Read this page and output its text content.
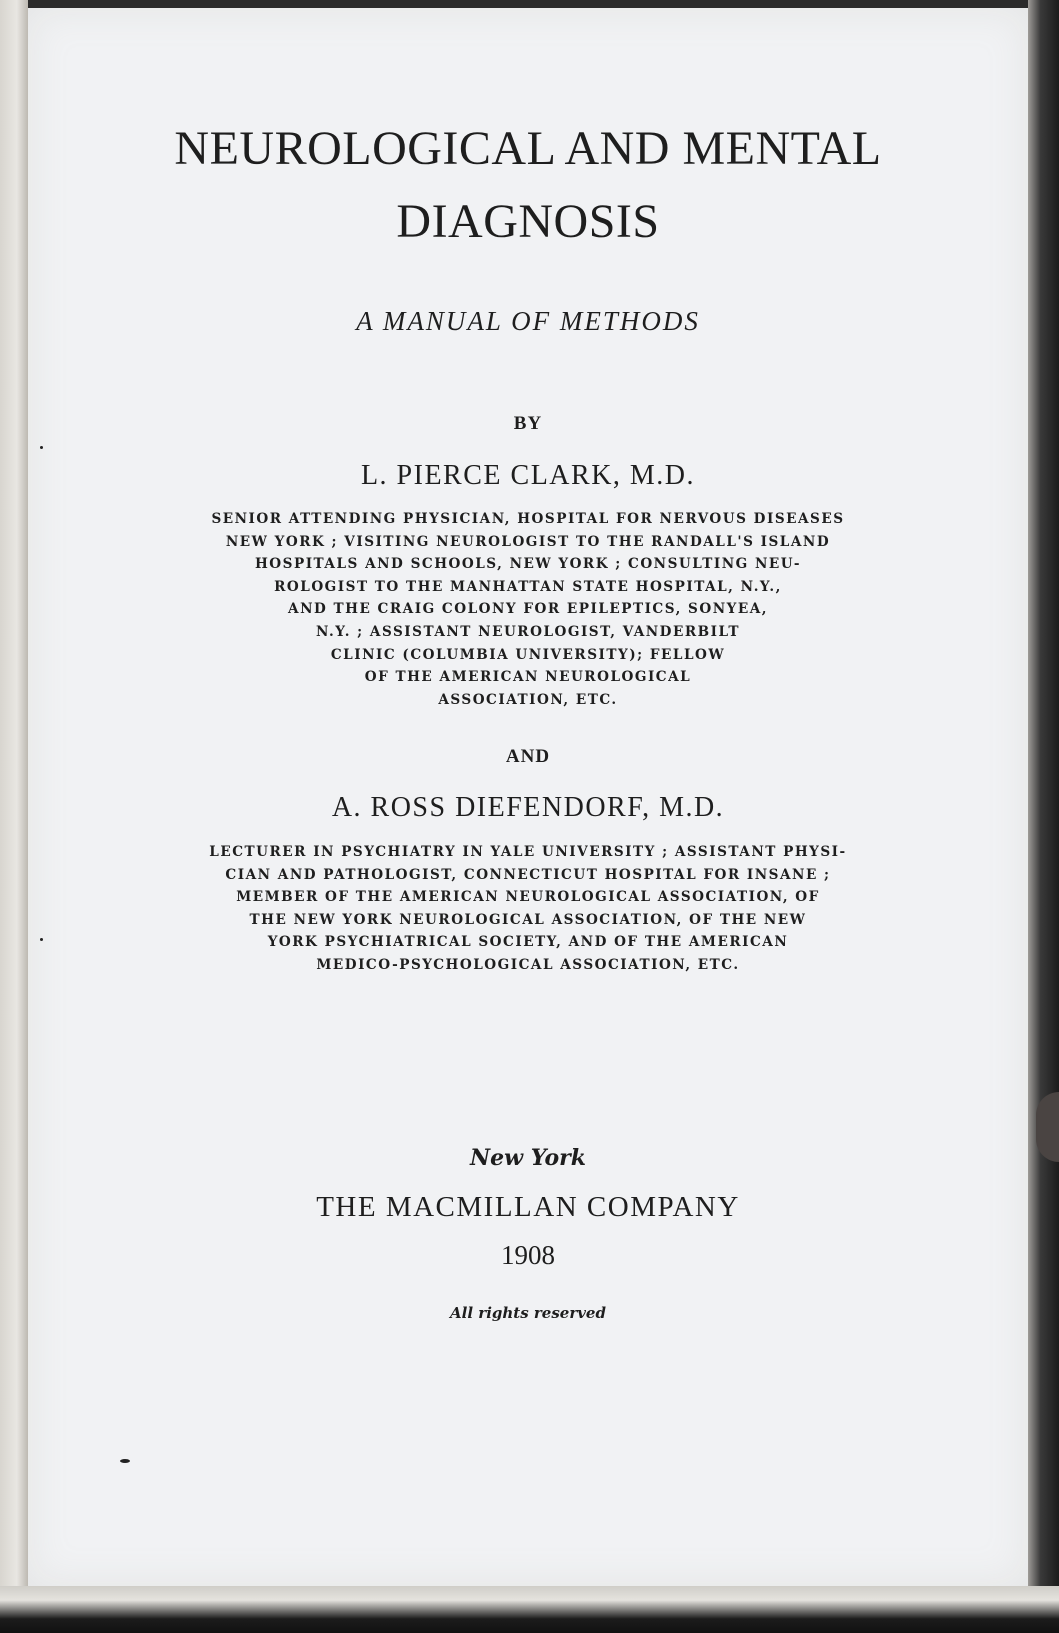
NEUROLOGICAL AND MENTAL
DIAGNOSIS
A MANUAL OF METHODS
BY
L. PIERCE CLARK, M.D.
SENIOR ATTENDING PHYSICIAN, HOSPITAL FOR NERVOUS DISEASES
NEW YORK ; VISITING NEUROLOGIST TO THE RANDALL'S ISLAND
HOSPITALS AND SCHOOLS, NEW YORK ; CONSULTING NEU-
ROLOGIST TO THE MANHATTAN STATE HOSPITAL, N.Y.,
AND THE CRAIG COLONY FOR EPILEPTICS, SONYEA,
N.Y. ; ASSISTANT NEUROLOGIST, VANDERBILT
CLINIC (COLUMBIA UNIVERSITY); FELLOW
OF THE AMERICAN NEUROLOGICAL
ASSOCIATION, ETC.
AND
A. ROSS DIEFENDORF, M.D.
LECTURER IN PSYCHIATRY IN YALE UNIVERSITY ; ASSISTANT PHYSI-
CIAN AND PATHOLOGIST, CONNECTICUT HOSPITAL FOR INSANE ;
MEMBER OF THE AMERICAN NEUROLOGICAL ASSOCIATION, OF
THE NEW YORK NEUROLOGICAL ASSOCIATION, OF THE NEW
YORK PSYCHIATRICAL SOCIETY, AND OF THE AMERICAN
MEDICO-PSYCHOLOGICAL ASSOCIATION, ETC.
New York
THE MACMILLAN COMPANY
1908
All rights reserved
